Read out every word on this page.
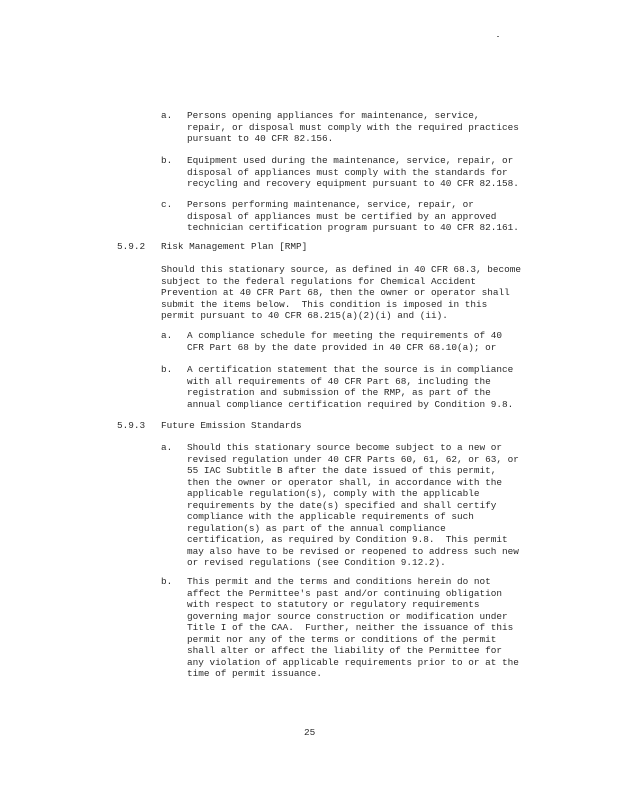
a. Persons opening appliances for maintenance, service,
repair, or disposal must comply with the required practices
pursuant to 40 CFR 82.156.
b. Equipment used during the maintenance, service, repair, or
disposal of appliances must comply with the standards for
recycling and recovery equipment pursuant to 40 CFR 82.158.
c. Persons performing maintenance, service, repair, or
disposal of appliances must be certified by an approved
technician certification program pursuant to 40 CFR 82.161.
5.9.2 Risk Management Plan [RMP]
Should this stationary source, as defined in 40 CFR 68.3, become
subject to the federal regulations for Chemical Accident
Prevention at 40 CFR Part 68, then the owner or operator shall
submit the items below.  This condition is imposed in this
permit pursuant to 40 CFR 68.215(a)(2)(i) and (ii).
a. A compliance schedule for meeting the requirements of 40
CFR Part 68 by the date provided in 40 CFR 68.10(a); or
b. A certification statement that the source is in compliance
with all requirements of 40 CFR Part 68, including the
registration and submission of the RMP, as part of the
annual compliance certification required by Condition 9.8.
5.9.3 Future Emission Standards
a. Should this stationary source become subject to a new or
revised regulation under 40 CFR Parts 60, 61, 62, or 63, or
55 IAC Subtitle B after the date issued of this permit,
then the owner or operator shall, in accordance with the
applicable regulation(s), comply with the applicable
requirements by the date(s) specified and shall certify
compliance with the applicable requirements of such
regulation(s) as part of the annual compliance
certification, as required by Condition 9.8.  This permit
may also have to be revised or reopened to address such new
or revised regulations (see Condition 9.12.2).
b. This permit and the terms and conditions herein do not
affect the Permittee's past and/or continuing obligation
with respect to statutory or regulatory requirements
governing major source construction or modification under
Title I of the CAA.  Further, neither the issuance of this
permit nor any of the terms or conditions of the permit
shall alter or affect the liability of the Permittee for
any violation of applicable requirements prior to or at the
time of permit issuance.
25
